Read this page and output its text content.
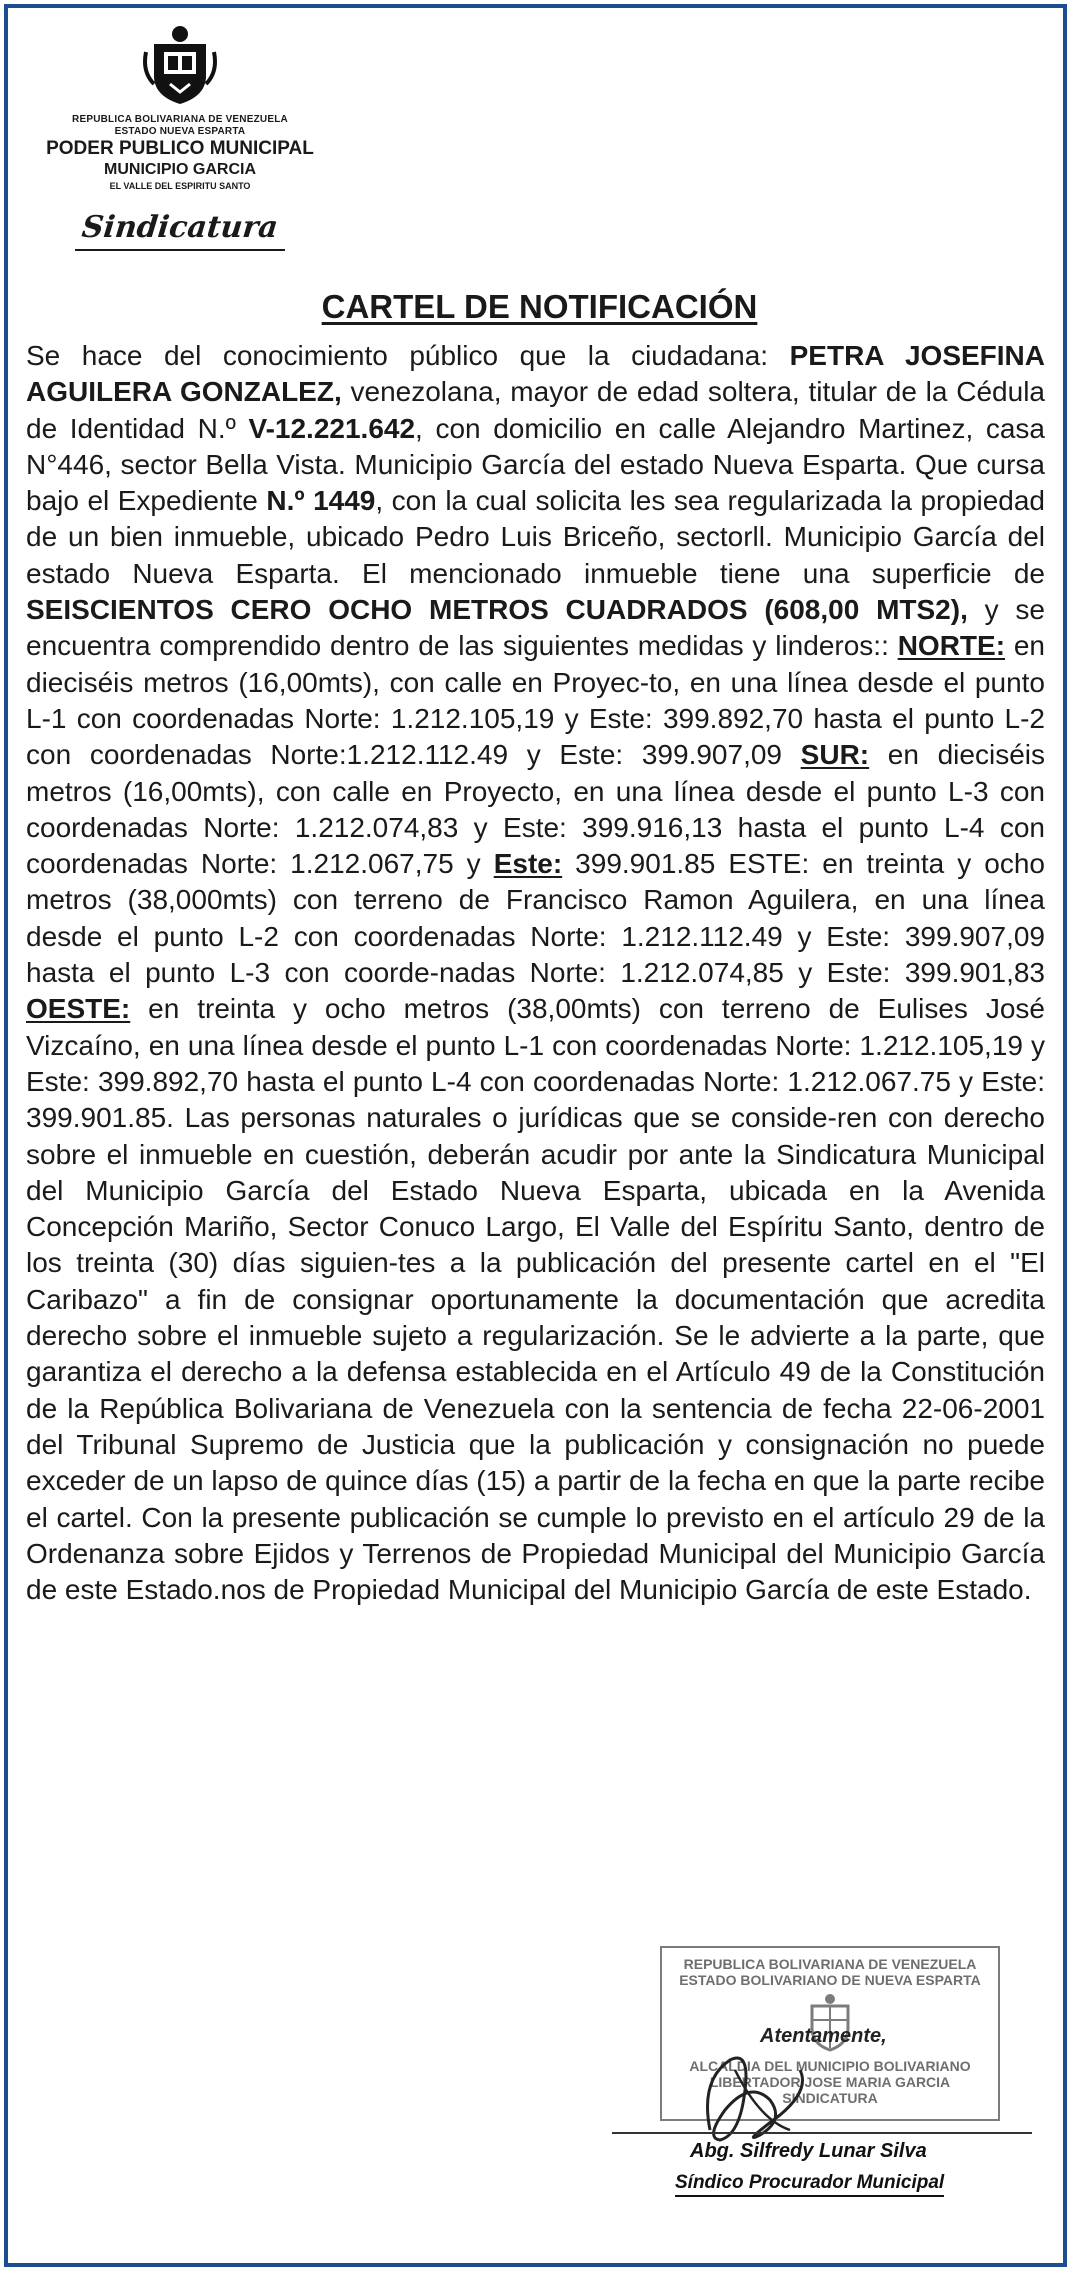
REPUBLICA BOLIVARIANA DE VENEZUELA
ESTADO NUEVA ESPARTA
PODER PUBLICO MUNICIPAL
MUNICIPIO GARCIA
EL VALLE DEL ESPIRITU SANTO
Sindicatura
CARTEL DE NOTIFICACIÓN
Se hace del conocimiento público que la ciudadana: PETRA JOSEFINA AGUILERA GONZALEZ, venezolana, mayor de edad soltera, titular de la Cédula de Identidad N.º V-12.221.642, con domicilio en calle Alejandro Martinez, casa N°446, sector Bella Vista. Municipio García del estado Nueva Esparta. Que cursa bajo el Expediente N.º 1449, con la cual solicita les sea regularizada la propiedad de un bien inmueble, ubicado Pedro Luis Briceño, sectorll. Municipio García del estado Nueva Esparta. El mencionado inmueble tiene una superficie de SEISCIENTOS CERO OCHO METROS CUADRADOS (608,00 MTS2), y se encuentra comprendido dentro de las siguientes medidas y linderos:: NORTE: en dieciséis metros (16,00mts), con calle en Proyec-to, en una línea desde el punto L-1 con coordenadas Norte: 1.212.105,19 y Este: 399.892,70 hasta el punto L-2 con coordenadas Norte:1.212.112.49 y Este: 399.907,09 SUR: en dieciséis metros (16,00mts), con calle en Proyecto, en una línea desde el punto L-3 con coordenadas Norte: 1.212.074,83 y Este: 399.916,13 hasta el punto L-4 con coordenadas Norte: 1.212.067,75 y Este: 399.901.85 ESTE: en treinta y ocho metros (38,000mts) con terreno de Francisco Ramon Aguilera, en una línea desde el punto L-2 con coordenadas Norte: 1.212.112.49 y Este: 399.907,09 hasta el punto L-3 con coorde-nadas Norte: 1.212.074,85 y Este: 399.901,83 OESTE: en treinta y ocho metros (38,00mts) con terreno de Eulises José Vizcaíno, en una línea desde el punto L-1 con coordenadas Norte: 1.212.105,19 y Este: 399.892,70 hasta el punto L-4 con coordenadas Norte: 1.212.067.75 y Este: 399.901.85. Las personas naturales o jurídicas que se conside-ren con derecho sobre el inmueble en cuestión, deberán acudir por ante la Sindicatura Municipal del Municipio García del Estado Nueva Esparta, ubicada en la Avenida Concepción Mariño, Sector Conuco Largo, El Valle del Espíritu Santo, dentro de los treinta (30) días siguien-tes a la publicación del presente cartel en el "El Caribazo" a fin de consignar oportunamente la documentación que acredita derecho sobre el inmueble sujeto a regularización. Se le advierte a la parte, que garantiza el derecho a la defensa establecida en el Artículo 49 de la Constitución de la República Bolivariana de Venezuela con la sentencia de fecha 22-06-2001 del Tribunal Supremo de Justicia que la publicación y consignación no puede exceder de un lapso de quince días (15) a partir de la fecha en que la parte recibe el cartel. Con la presente publicación se cumple lo previsto en el artículo 29 de la Ordenanza sobre Ejidos y Terrenos de Propiedad Municipal del Municipio García de este Estado.nos de Propiedad Municipal del Municipio García de este Estado.
REPUBLICA BOLIVARIANA DE VENEZUELA
ESTADO BOLIVARIANO DE NUEVA ESPARTA
ALCALDIA DEL MUNICIPIO BOLIVARIANO
LIBERTADOR JOSE MARIA GARCIA
SINDICATURA
Atentamente,
Abg. Silfredy Lunar Silva
Síndico Procurador Municipal
